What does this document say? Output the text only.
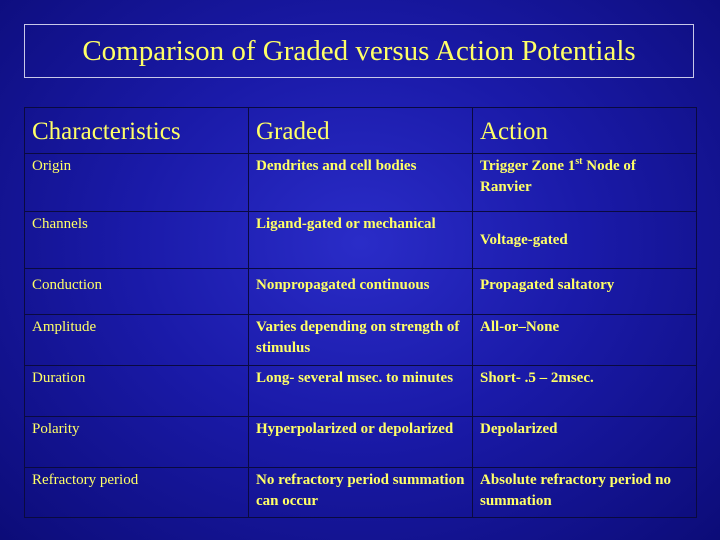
Comparison of Graded versus Action Potentials
Characteristics	Graded	Action
Origin	Dendrites and cell bodies	Trigger Zone 1st Node of Ranvier
Channels	Ligand-gated or mechanical	Voltage-gated
Conduction	Nonpropagated continuous	Propagated saltatory
Amplitude	Varies depending on strength of stimulus	All-or–None
Duration	Long- several msec. to minutes	Short- .5 – 2msec.
Polarity	Hyperpolarized or depolarized	Depolarized
Refractory period	No refractory period summation can occur	Absolute refractory period no summation
